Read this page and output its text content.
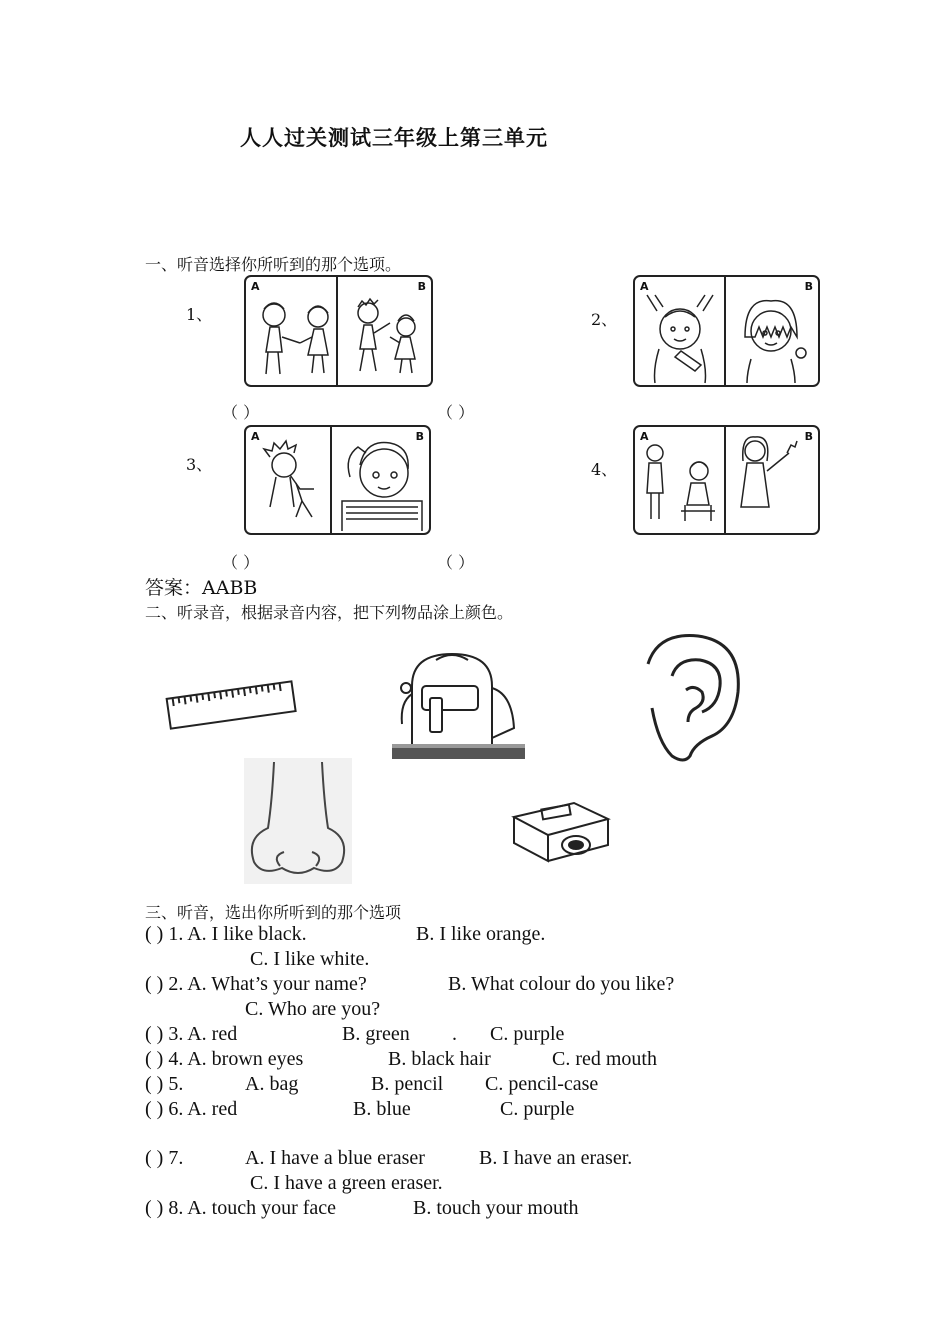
人人过关测试三年级上第三单元
一、听音选择你所听到的那个选项。
1、	2、
3、	4、
A	B	A	B
（ ）	（ ）
A	B	A	B
（ ）	（ ）
答案：AABB
二、听录音，根据录音内容，把下列物品涂上颜色。
三、听音，选出你所听到的那个选项
( ) 1. A. I like black.	B. I like orange.
C. I like white.
( ) 2. A. What’s your name?	B. What colour do you like?
C. Who are you?
( ) 3. A. red	B. green . C. purple
( ) 4. A. brown eyes	B. black hair	C. red mouth
( ) 5.	A. bag	B. pencil C. pencil-case
( ) 6. A. red	B. blue	C. purple
( ) 7.	A. I have a blue eraser	B. I have an eraser.
C. I have a green eraser.
( ) 8. A. touch your face	B. touch your mouth
